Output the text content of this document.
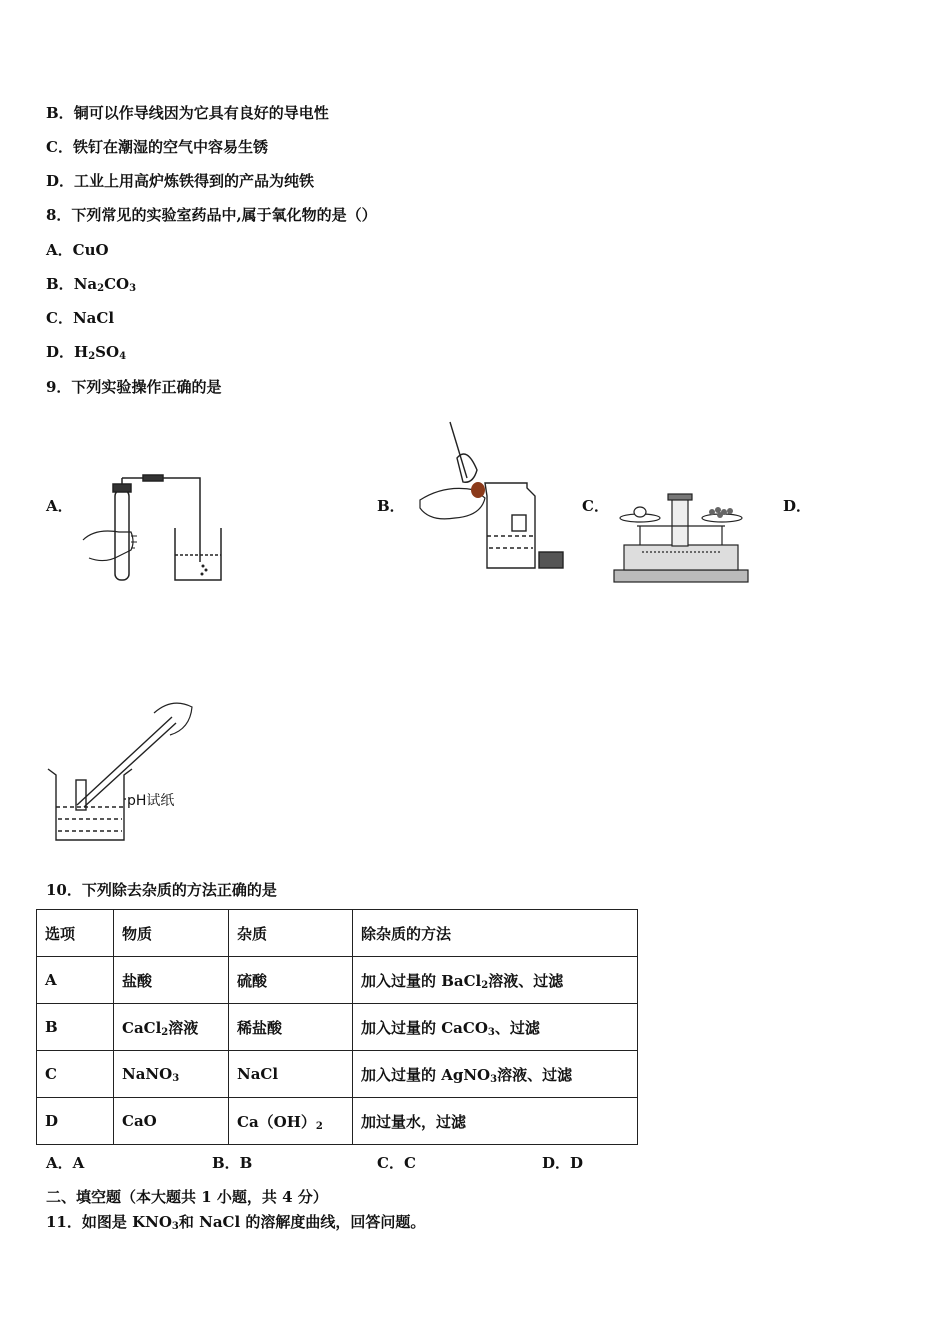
B．铜可以作导线因为它具有良好的导电性
C．铁钉在潮湿的空气中容易生锈
D．工业上用高炉炼铁得到的产品为纯铁
8．下列常见的实验室药品中,属于氧化物的是（）
A．CuO
B．$Na_2CO_3$
C．NaCl
D．$H_2SO_4$
9．下列实验操作正确的是
A．	B．	C．	D．
pH试纸
10．下列除去杂质的方法正确的是
选项	物质	杂质	除杂质的方法
A	盐酸	硫酸	加入过量的 BaCl$_2$溶液、过滤
B	CaCl$_2$溶液	稀盐酸	加入过量的 CaCO$_3$、过滤
C	NaNO$_3$	NaCl	加入过量的 AgNO$_3$溶液、过滤
D	CaO	$Ca(OH)_2$	加过量水，过滤
A．A	B．B	C．C	D．D
二、填空题（本大题共 1 小题，共 4 分）
11．如图是 $KNO_3$和 NaCl 的溶解度曲线，回答问题。
